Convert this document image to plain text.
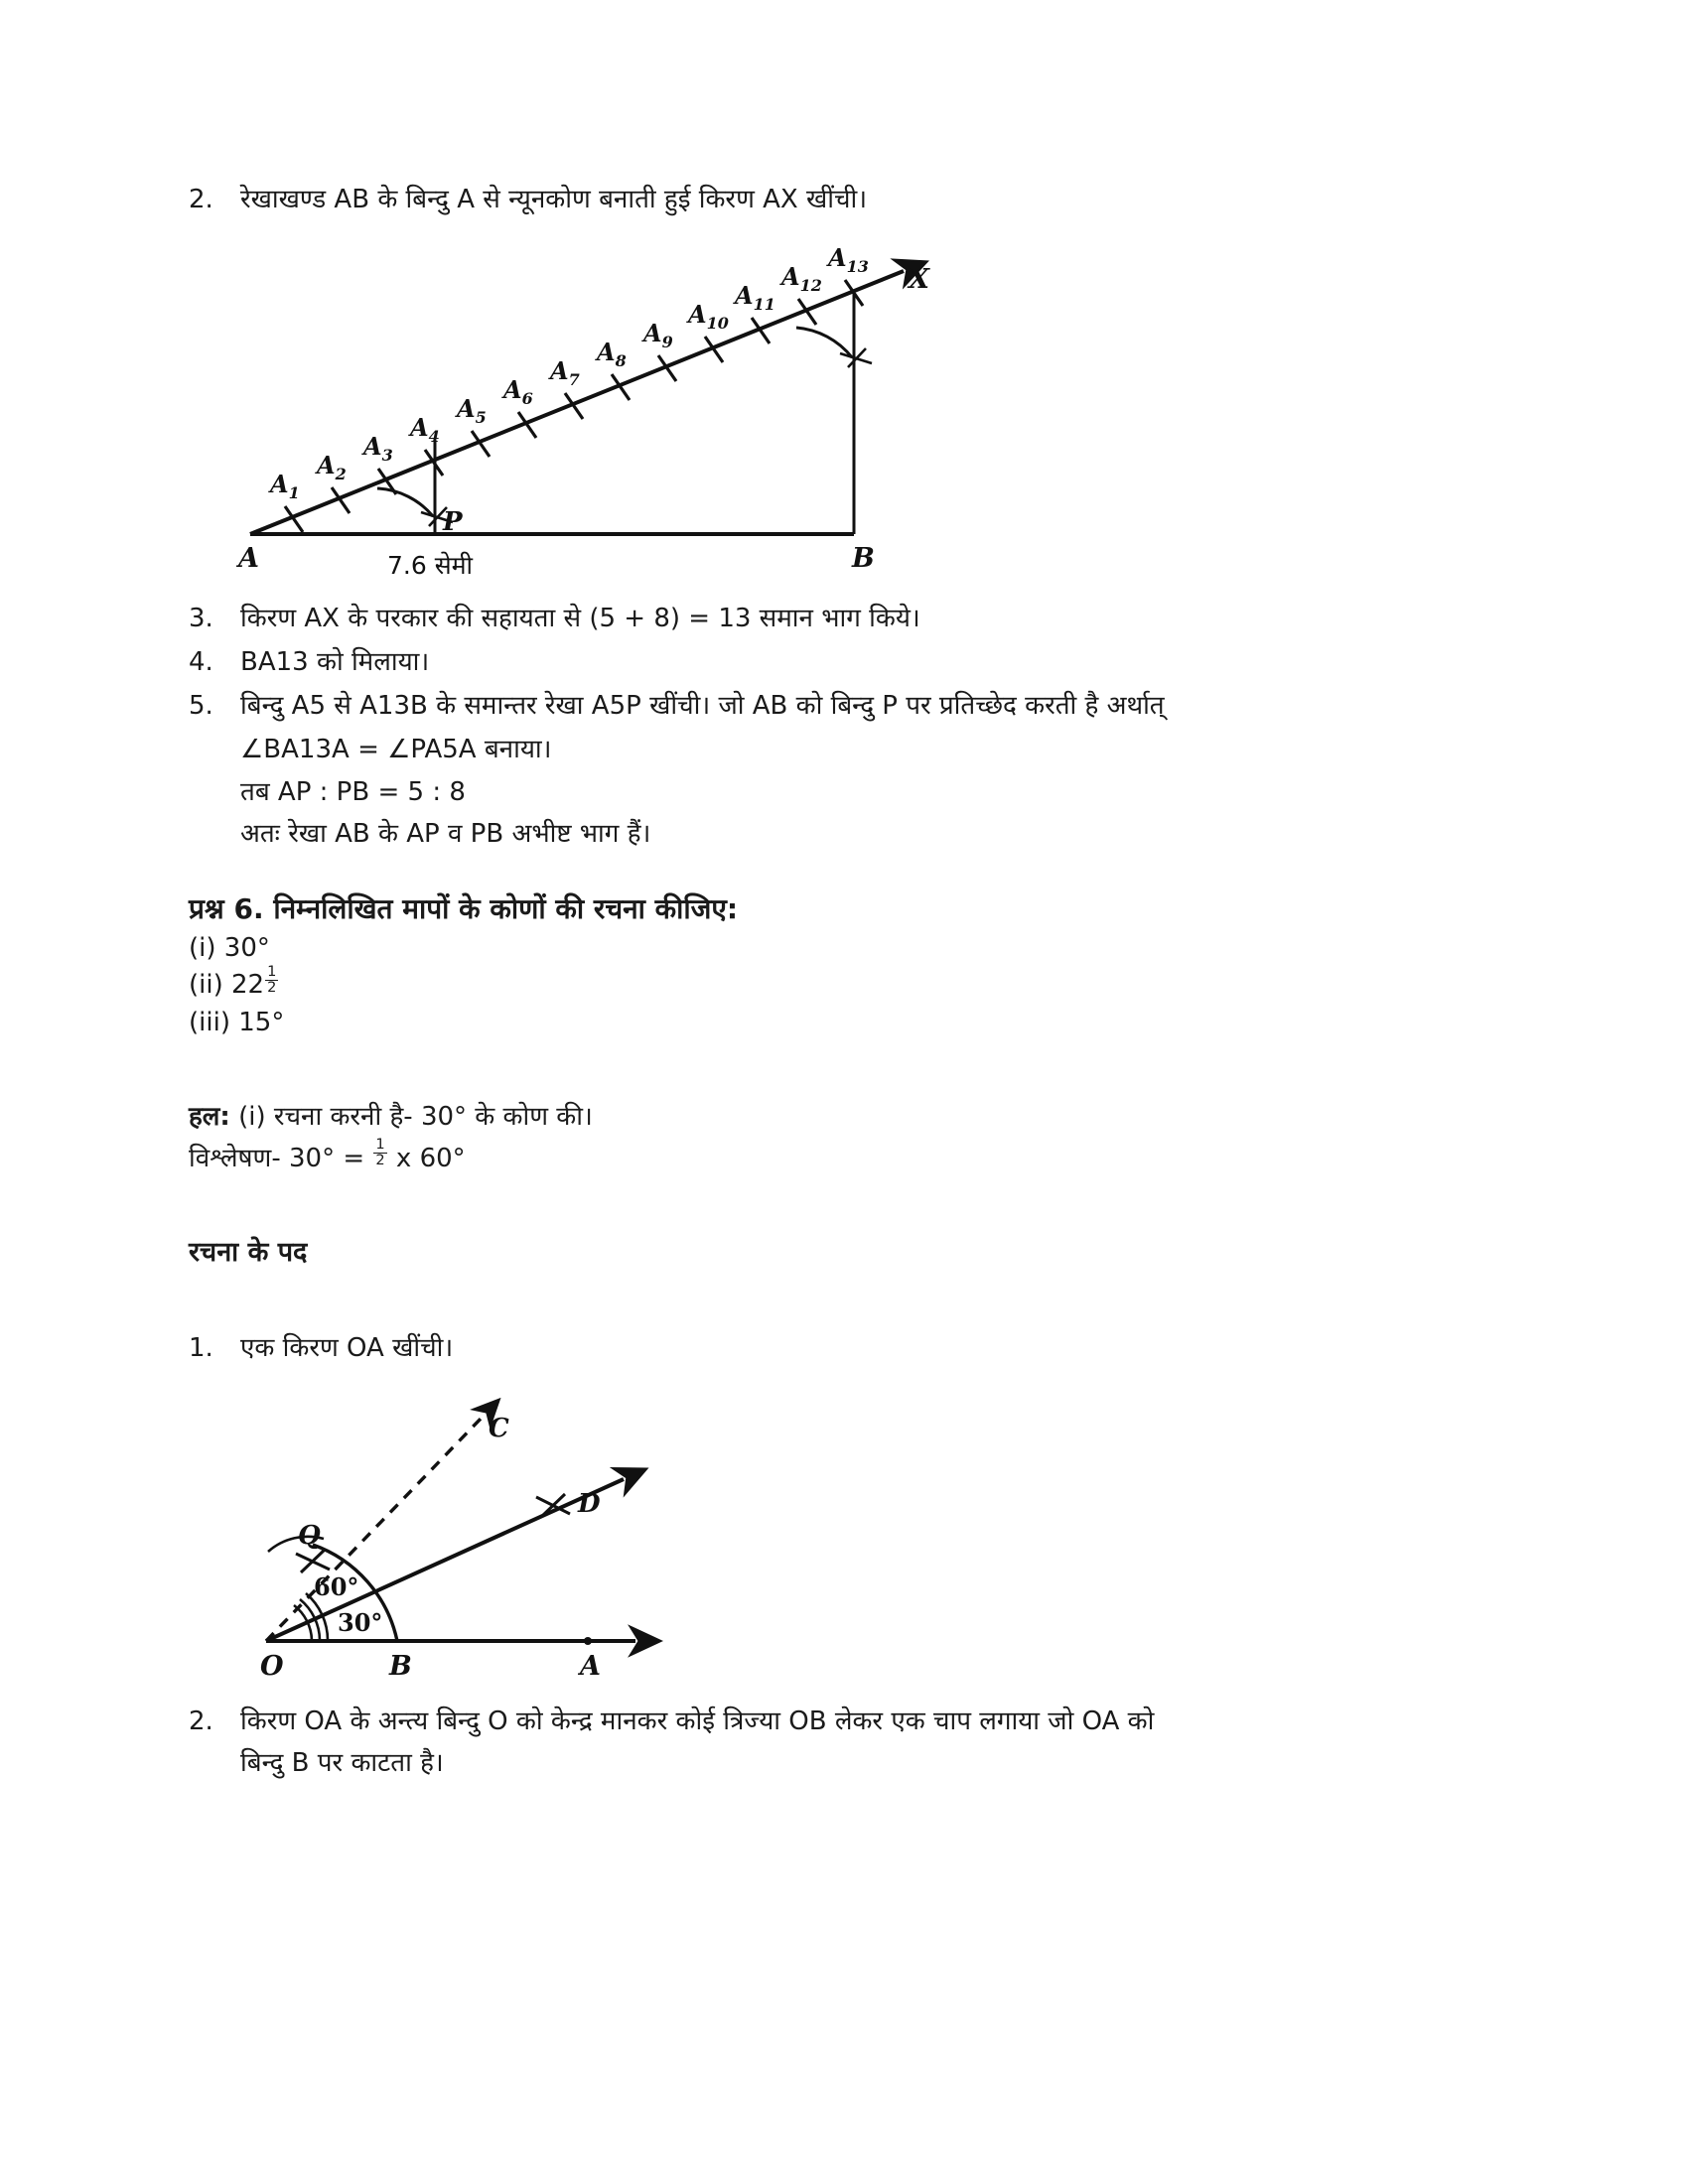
2.	रेखाखण्ड AB के बिन्दु A से न्यूनकोण बनाती हुई किरण AX खींची।
$A_1$
$A_2$
$A_3$
$A_4$
$A_5$
$A_6$
$A_7$
$A_8$
$A_9$
$A_{10}$
$A_{11}$
$A_{12}$
$A_{13}$ X
A	B
P
7.6 सेमी
3.	किरण AX के परकार की सहायता से (5 + 8) = 13 समान भाग किये।
4.	BA13 को मिलाया।
5.	बिन्दु A5 से A13B के समान्तर रेखा A5P खींची। जो AB को बिन्दु P पर प्रतिच्छेद करती है अर्थात्
∠BA13A = ∠PA5A बनाया।
तब AP : PB = 5 : 8
अतः रेखा AB के AP व PB अभीष्ट भाग हैं।
प्रश्न 6. निम्नलिखित मापों के कोणों की रचना कीजिए:
(i) 30°
(ii) $22 \frac{1}{2}$
(iii) 15°
हल: (i) रचना करनी है- 30° के कोण की।
विश्लेषण- $30^\circ = \frac{1}{2}$ x 60°
रचना के पद
1.	एक किरण OA खींची।
Q
C
D
O	B	A
60°
30°
2.	किरण OA के अन्त्य बिन्दु O को केन्द्र मानकर कोई त्रिज्या OB लेकर एक चाप लगाया जो OA को
बिन्दु B पर काटता है।
